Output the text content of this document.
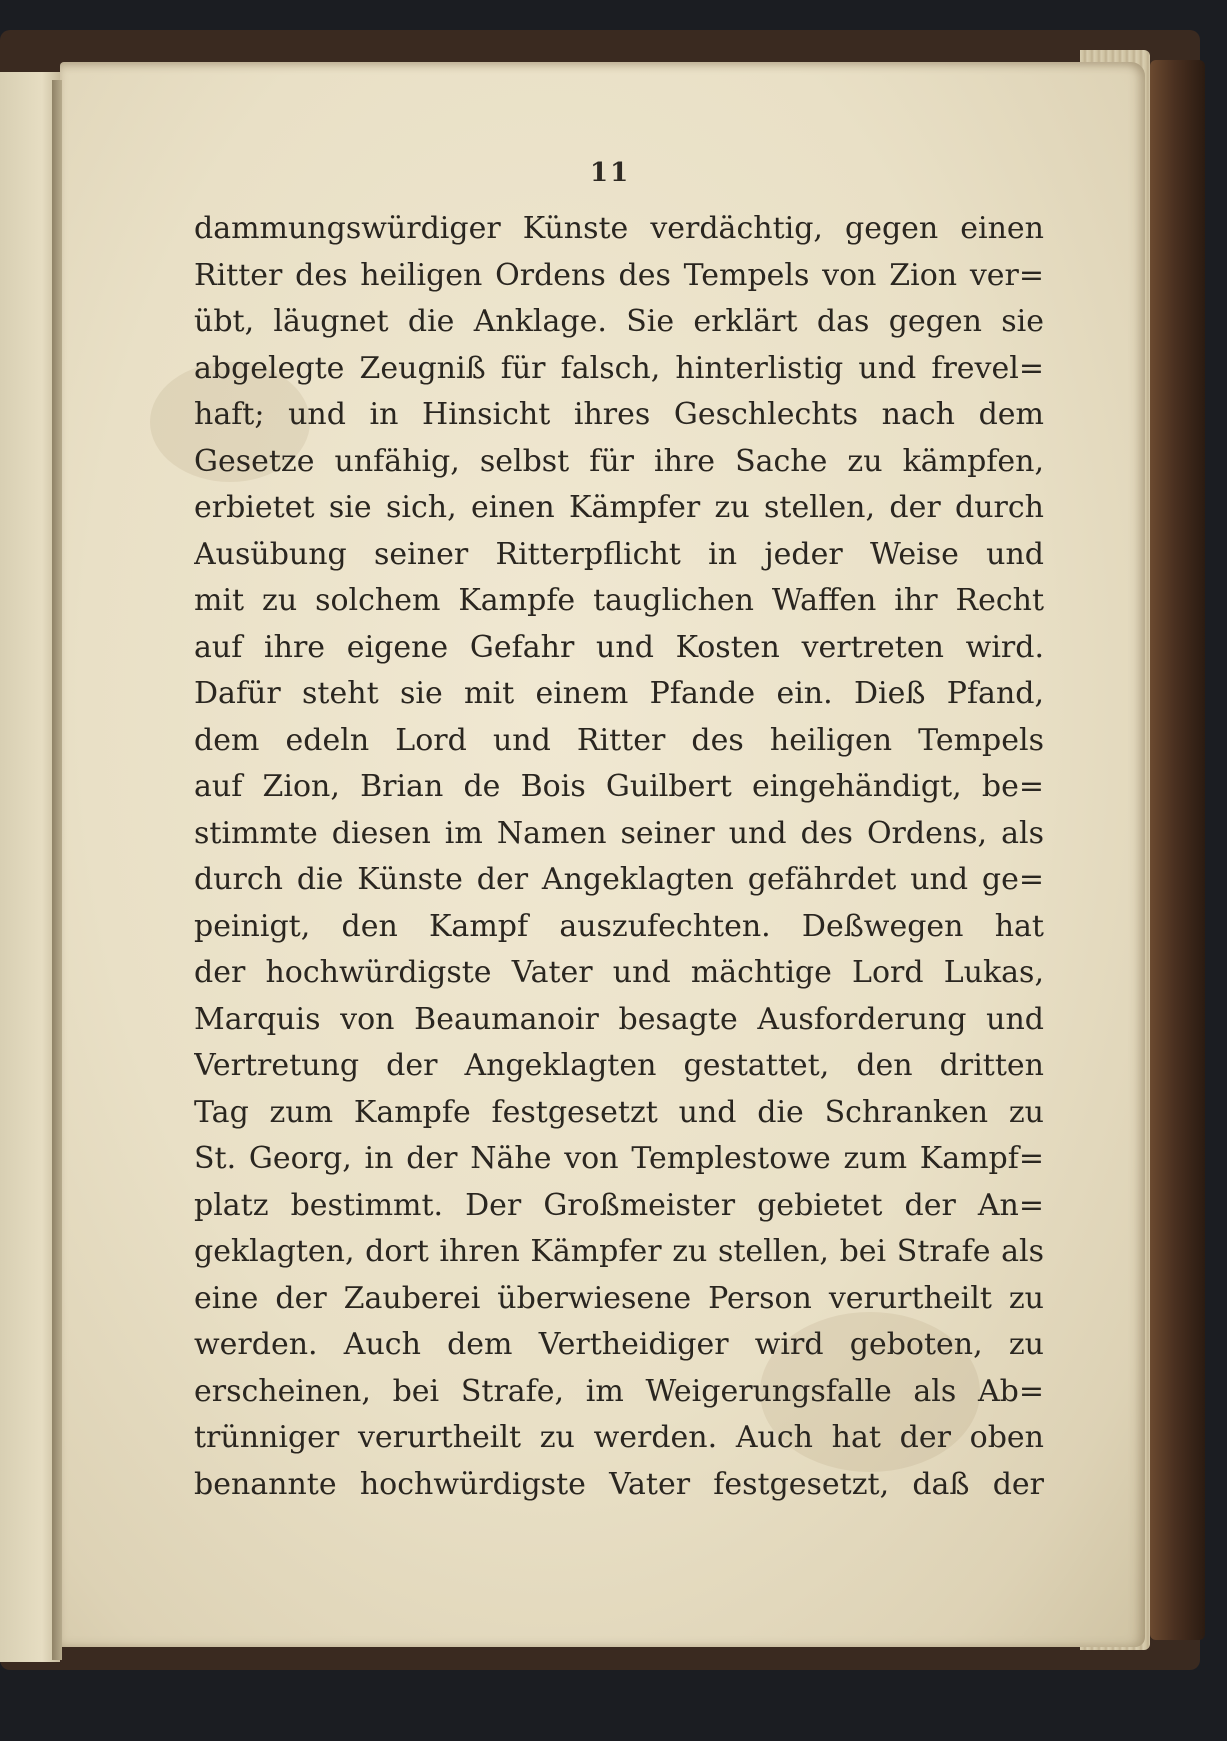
11
dammungswürdiger Künste verdächtig, gegen einen
Ritter des heiligen Ordens des Tempels von Zion ver=
übt, läugnet die Anklage. Sie erklärt das gegen sie
abgelegte Zeugniß für falsch, hinterlistig und frevel=
haft; und in Hinsicht ihres Geschlechts nach dem
Gesetze unfähig, selbst für ihre Sache zu kämpfen,
erbietet sie sich, einen Kämpfer zu stellen, der durch
Ausübung seiner Ritterpflicht in jeder Weise und
mit zu solchem Kampfe tauglichen Waffen ihr Recht
auf ihre eigene Gefahr und Kosten vertreten wird.
Dafür steht sie mit einem Pfande ein. Dieß Pfand,
dem edeln Lord und Ritter des heiligen Tempels
auf Zion, Brian de Bois Guilbert eingehändigt, be=
stimmte diesen im Namen seiner und des Ordens, als
durch die Künste der Angeklagten gefährdet und ge=
peinigt, den Kampf auszufechten. Deßwegen hat
der hochwürdigste Vater und mächtige Lord Lukas,
Marquis von Beaumanoir besagte Ausforderung und
Vertretung der Angeklagten gestattet, den dritten
Tag zum Kampfe festgesetzt und die Schranken zu
St. Georg, in der Nähe von Templestowe zum Kampf=
platz bestimmt. Der Großmeister gebietet der An=
geklagten, dort ihren Kämpfer zu stellen, bei Strafe als
eine der Zauberei überwiesene Person verurtheilt zu
werden. Auch dem Vertheidiger wird geboten, zu
erscheinen, bei Strafe, im Weigerungsfalle als Ab=
trünniger verurtheilt zu werden. Auch hat der oben
benannte hochwürdigste Vater festgesetzt, daß der
